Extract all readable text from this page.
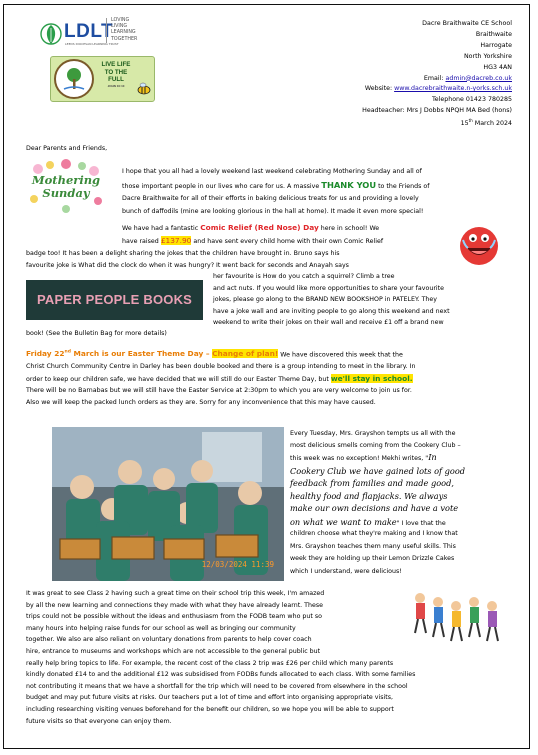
LDLT
LEEDS DIOCESAN LEARNING TRUST
LOVING
LIVING
LEARNING
TOGETHER
LIVE LIFE
TO THE
FULL
JOHN 10:10
Dacre Braithwaite CE School
Braithwaite
Harrogate
North Yorkshire
HG3 4AN
Email: admin@dacreb.co.uk
Website: www.dacrebraithwaite.n-yorks.sch.uk
Telephone 01423 780285
Headteacher: Mrs J Dobbs NPQH MA Bed (hons)
15th March 2024
Dear Parents and Friends,
Mothering
Sunday
I hope that you all had a lovely weekend last weekend celebrating Mothering Sunday and all of
those important people in our lives who care for us. A massive THANK YOU to the Friends of
Dacre Braithwaite for all of their efforts in baking delicious treats for us and providing a lovely
bunch of daffodils (mine are looking glorious in the hall at home). It made it even more special!
We have had a fantastic Comic Relief (Red Nose) Day here in school! We
have raised £137.90 and have sent every child home with their own Comic Relief
badge too! It has been a delight sharing the jokes that the children have brought in. Bruno says his
favourite joke is What did the clock do when it was hungry? It went back for seconds and Anayah says
her favourite is How do you catch a squirrel? Climb a tree
and act nuts. If you would like more opportunities to share your favourite
jokes, please go along to the BRAND NEW BOOKSHOP in PATELEY. They
have a joke wall and are inviting people to go along this weekend and next
weekend to write their jokes on their wall and receive £1 off a brand new
book! (See the Bulletin Bag for more details)
PAPER PEOPLE BOOKS
Friday 22nd March is our Easter Theme Day – Change of plan! We have discovered this week that the
Christ Church Community Centre in Darley has been double booked and there is a group intending to meet in the library. In
order to keep our children safe, we have decided that we will still do our Easter Theme Day, but we'll stay in school.
There will be no Barnabas but we will still have the Easter Service at 2:30pm to which you are very welcome to join us for.
Also we will keep the packed lunch orders as they are. Sorry for any inconvenience that this may have caused.
12/03/2024 11:39
Every Tuesday, Mrs. Grayshon tempts us all with the
most delicious smells coming from the Cookery Club –
this week was no exception! Mekhi writes, "In
Cookery Club we have gained lots of good
feedback from families and made good,
healthy food and flapjacks. We always
make our own decisions and have a vote
on what we want to make" I love that the
children choose what they're making and I know that
Mrs. Grayshon teaches them many useful skills. This
week they are holding up their Lemon Drizzle Cakes
which I understand, were delicious!
It was great to see Class 2 having such a great time on their school trip this week, I'm amazed
by all the new learning and connections they made with what they have already learnt. These
trips could not be possible without the ideas and enthusiasm from the FODB team who put so
many hours into helping raise funds for our school as well as bringing our community
together. We also are also reliant on voluntary donations from parents to help cover coach
hire, entrance to museums and workshops which are not accessible to the general public but
really help bring topics to life. For example, the recent cost of the class 2 trip was £26 per child which many parents
kindly donated £14 to and the additional £12 was subsidised from FODBs funds allocated to each class. With some families
not contributing it means that we have a shortfall for the trip which will need to be covered from elsewhere in the school
budget and may put future visits at risks. Our teachers put a lot of time and effort into organising appropriate visits,
including researching visiting venues beforehand for the benefit our children, so we hope you will be able to support
future visits so that everyone can enjoy them.
